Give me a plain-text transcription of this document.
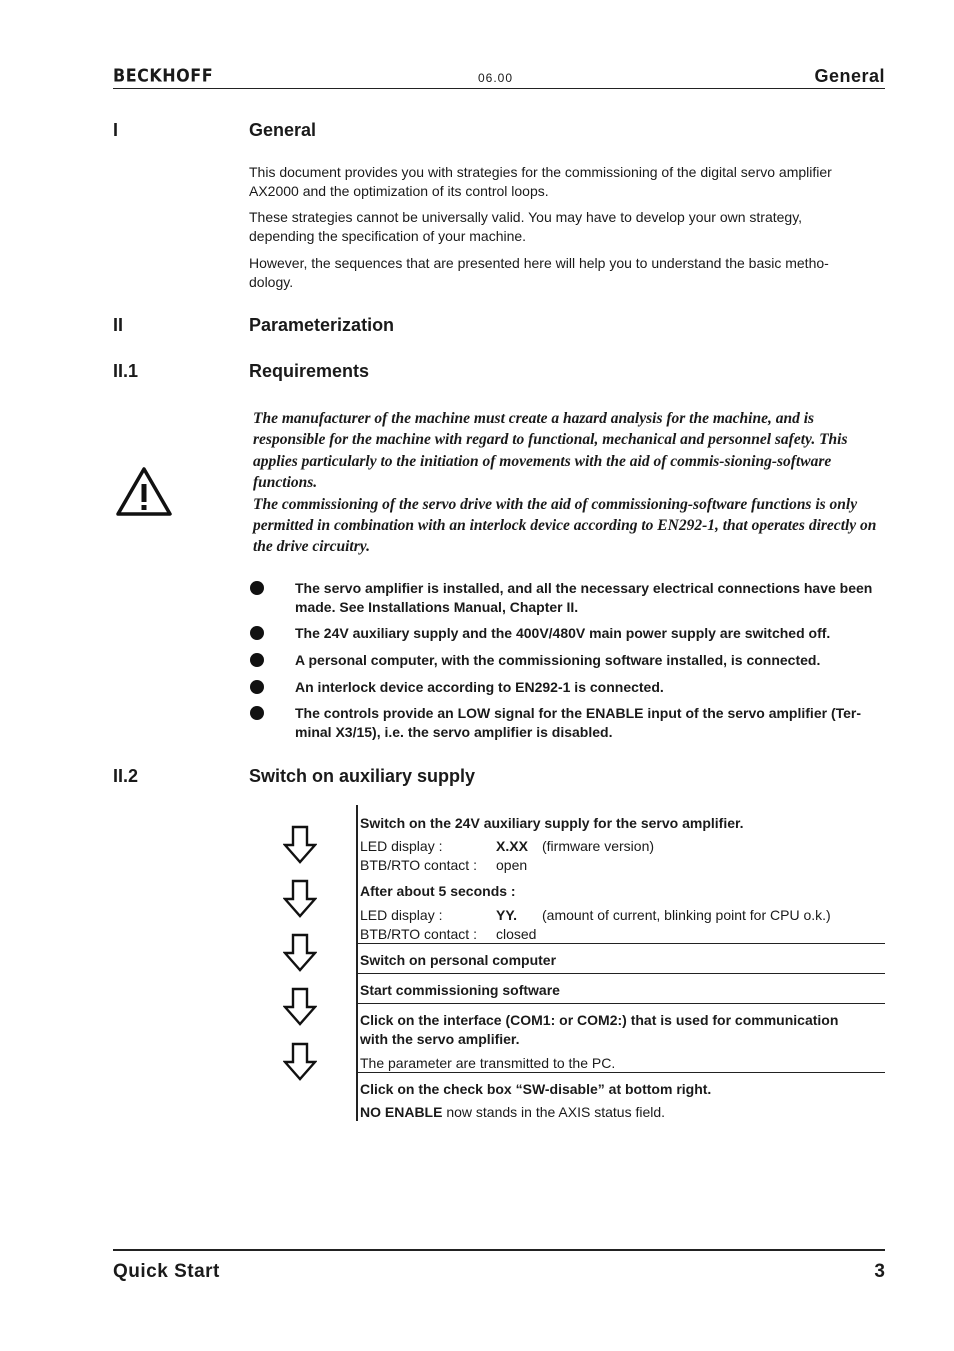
BECKHOFF	06.00	General
I	General
This document provides you with strategies for the commissioning of the digital servo amplifier AX2000 and the optimization of its control loops.
These strategies cannot be universally valid. You may have to develop your own strategy, depending the specification of your machine.
However, the sequences that are presented here will help you to understand the basic metho-dology.
II	Parameterization
II.1	Requirements
The manufacturer of the machine must create a hazard analysis for the machine, and is responsible for the machine with regard to functional, mechanical and personnel safety. This applies particularly to the initiation of movements with the aid of commis-sioning-software functions.
The commissioning of the servo drive with the aid of commissioning-software functions is only permitted in combination with an interlock device according to EN292-1, that operates directly on the drive circuitry.
The servo amplifier is installed, and all the necessary electrical connections have been made. See Installations Manual, Chapter II.
The 24V auxiliary supply and the 400V/480V main power supply are switched off.
A personal computer, with the commissioning software installed, is connected.
An interlock device according to EN292-1 is connected.
The controls provide an LOW signal for the ENABLE input of the servo amplifier (Ter-minal X3/15), i.e. the servo amplifier is disabled.
II.2	Switch on auxiliary supply
Switch on the 24V auxiliary supply for the servo amplifier.
LED display :	X.XX (firmware version)
BTB/RTO contact : open
After about 5 seconds :
LED display :	YY. (amount of current, blinking point for CPU o.k.)
BTB/RTO contact : closed
Switch on personal computer
Start commissioning software
Click on the interface (COM1: or COM2:) that is used for communication with the servo amplifier.
The parameter are transmitted to the PC.
Click on the check box “SW-disable” at bottom right.
NO ENABLE now stands in the AXIS status field.
Quick Start	3
